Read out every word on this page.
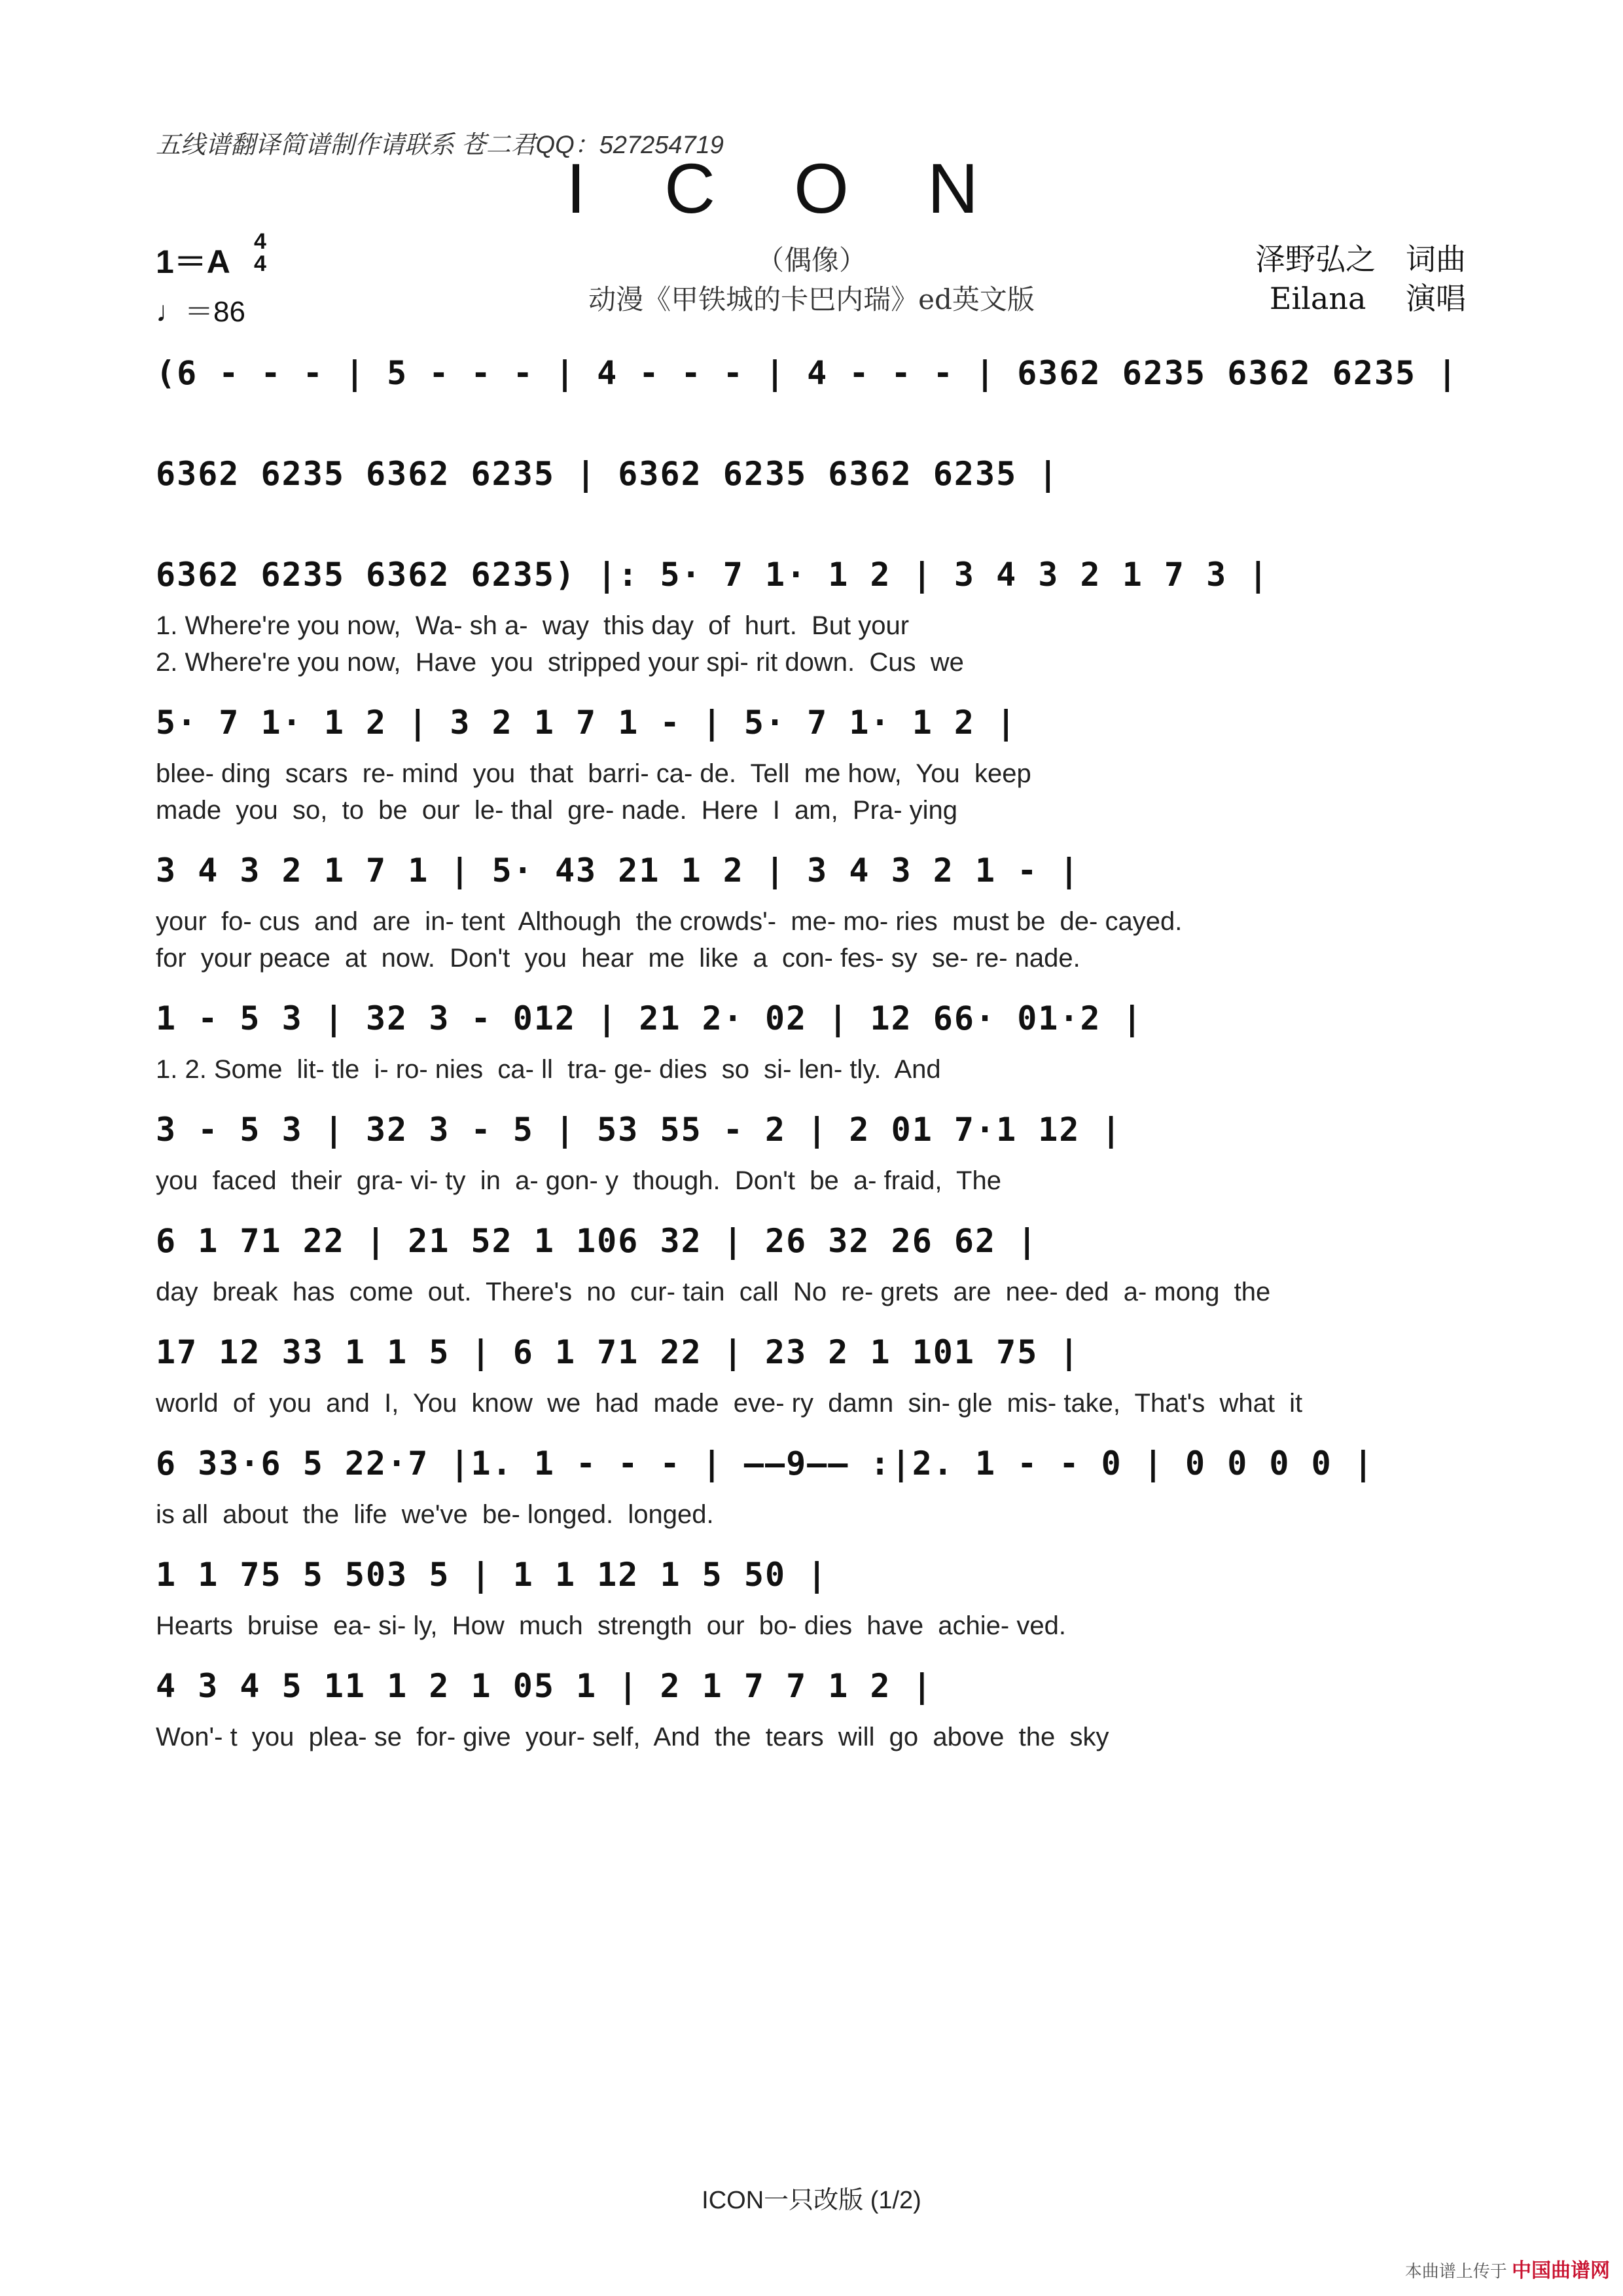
五线谱翻译简谱制作请联系 苍二君QQ：527254719
ICON
（偶像）
动漫《甲铁城的卡巴内瑞》ed英文版
1＝A
4
4
♩＝86
泽野弘之　词曲
Eilana　 演唱
(6 - - - | 5 - - - | 4 - - - | 4 - - - | 6362 6235 6362 6235 |
6362 6235 6362 6235 | 6362 6235 6362 6235 |
6362 6235 6362 6235) |: 5· 7 1· 1 2 | 3 4 3 2 1 7 3 |
1. Where're you now,  Wa- sh a-  way  this day  of  hurt.  But your
2. Where're you now,  Have  you  stripped your spi- rit down.  Cus  we
5· 7 1· 1 2 | 3 2 1 7 1 - | 5· 7 1· 1 2 |
blee- ding  scars  re- mind  you  that  barri- ca- de.  Tell  me how,  You  keep
made  you  so,  to  be  our  le- thal  gre- nade.  Here  I  am,  Pra- ying
3 4 3 2 1 7 1 | 5· 43 21 1 2 | 3 4 3 2 1 - |
your  fo- cus  and  are  in- tent  Although  the crowds'-  me- mo- ries  must be  de- cayed.
for  your peace  at  now.  Don't  you  hear  me  like  a  con- fes- sy  se- re- nade.
1 - 5 3 | 32 3 - 012 | 21 2· 02 | 12 66· 01·2 |
1. 2. Some  lit- tle  i- ro- nies  ca- ll  tra- ge- dies  so  si- len- tly.  And
3 - 5 3 | 32 3 - 5 | 53 55 - 2 | 2 01 7·1 12 |
you  faced  their  gra- vi- ty  in  a- gon- y  though.  Don't  be  a- fraid,  The
6 1 71 22 | 21 52 1 106 32 | 26 32 26 62 |
day  break  has  come  out.  There's  no  cur- tain  call  No  re- grets  are  nee- ded  a- mong  the
17 12 33 1 1 5 | 6 1 71 22 | 23 2 1 101 75 |
world  of  you  and  I,  You  know  we  had  made  eve- ry  damn  sin- gle  mis- take,  That's  what  it
6 33·6 5 22·7 |1. 1 - - - | ——9—— :|2. 1 - - 0 | 0 0 0 0 |
is all  about  the  life  we've  be- longed.  longed.
1 1 75 5 503 5 | 1 1 12 1 5 50 |
Hearts  bruise  ea- si- ly,  How  much  strength  our  bo- dies  have  achie- ved.
4 3 4 5 11 1 2 1 05 1 | 2 1 7 7 1 2 |
Won'- t  you  plea- se  for- give  your- self,  And  the  tears  will  go  above  the  sky
ICON一只改版 (1/2)
本曲谱上传于 中国曲谱网
